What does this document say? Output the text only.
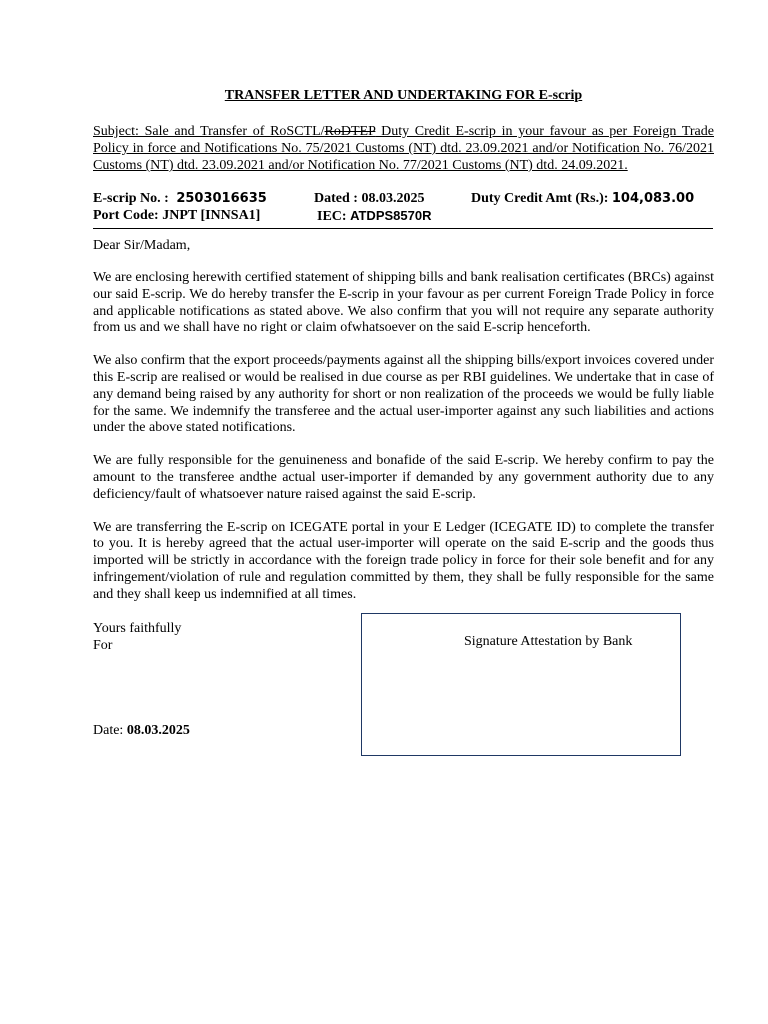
TRANSFER LETTER AND UNDERTAKING FOR E-scrip

Subject: Sale and Transfer of RoSCTL/RoDTEP Duty Credit E-scrip in your favour as per Foreign Trade Policy in force and Notifications No. 75/2021 Customs (NT) dtd. 23.09.2021 and/or Notification No. 76/2021 Customs (NT) dtd. 23.09.2021 and/or Notification No. 77/2021 Customs (NT) dtd. 24.09.2021.
E-scrip No. : 2503016635	Dated : 08.03.2025	Duty Credit Amt (Rs.): 104,083.00
Port Code: JNPT [INNSA1]	IEC: ATDPS8570R
Dear Sir/Madam,
We are enclosing herewith certified statement of shipping bills and bank realisation certificates (BRCs) against our said E-scrip. We do hereby transfer the E-scrip in your favour as per current Foreign Trade Policy in force and applicable notifications as stated above. We also confirm that you will not require any separate authority from us and we shall have no right or claim ofwhatsoever on the said E-scrip henceforth.
We also confirm that the export proceeds/payments against all the shipping bills/export invoices covered under this E-scrip are realised or would be realised in due course as per RBI guidelines. We undertake that in case of any demand being raised by any authority for short or non realization of the proceeds we would be fully liable for the same. We indemnify the transferee and the actual user-importer against any such liabilities and actions under the above stated notifications.
We are fully responsible for the genuineness and bonafide of the said E-scrip. We hereby confirm to pay the amount to the transferee andthe actual user-importer if demanded by any government authority due to any deficiency/fault of whatsoever nature raised against the said E-scrip.
We are transferring the E-scrip on ICEGATE portal in your E Ledger (ICEGATE ID) to complete the transfer to you. It is hereby agreed that the actual user-importer will operate on the said E-scrip and the goods thus imported will be strictly in accordance with the foreign trade policy in force for their sole benefit and for any infringement/violation of rule and regulation committed by them, they shall be fully responsible for the same and they shall keep us indemnified at all times.
Yours faithfully
For
Date: 08.03.2025
Signature Attestation by Bank
